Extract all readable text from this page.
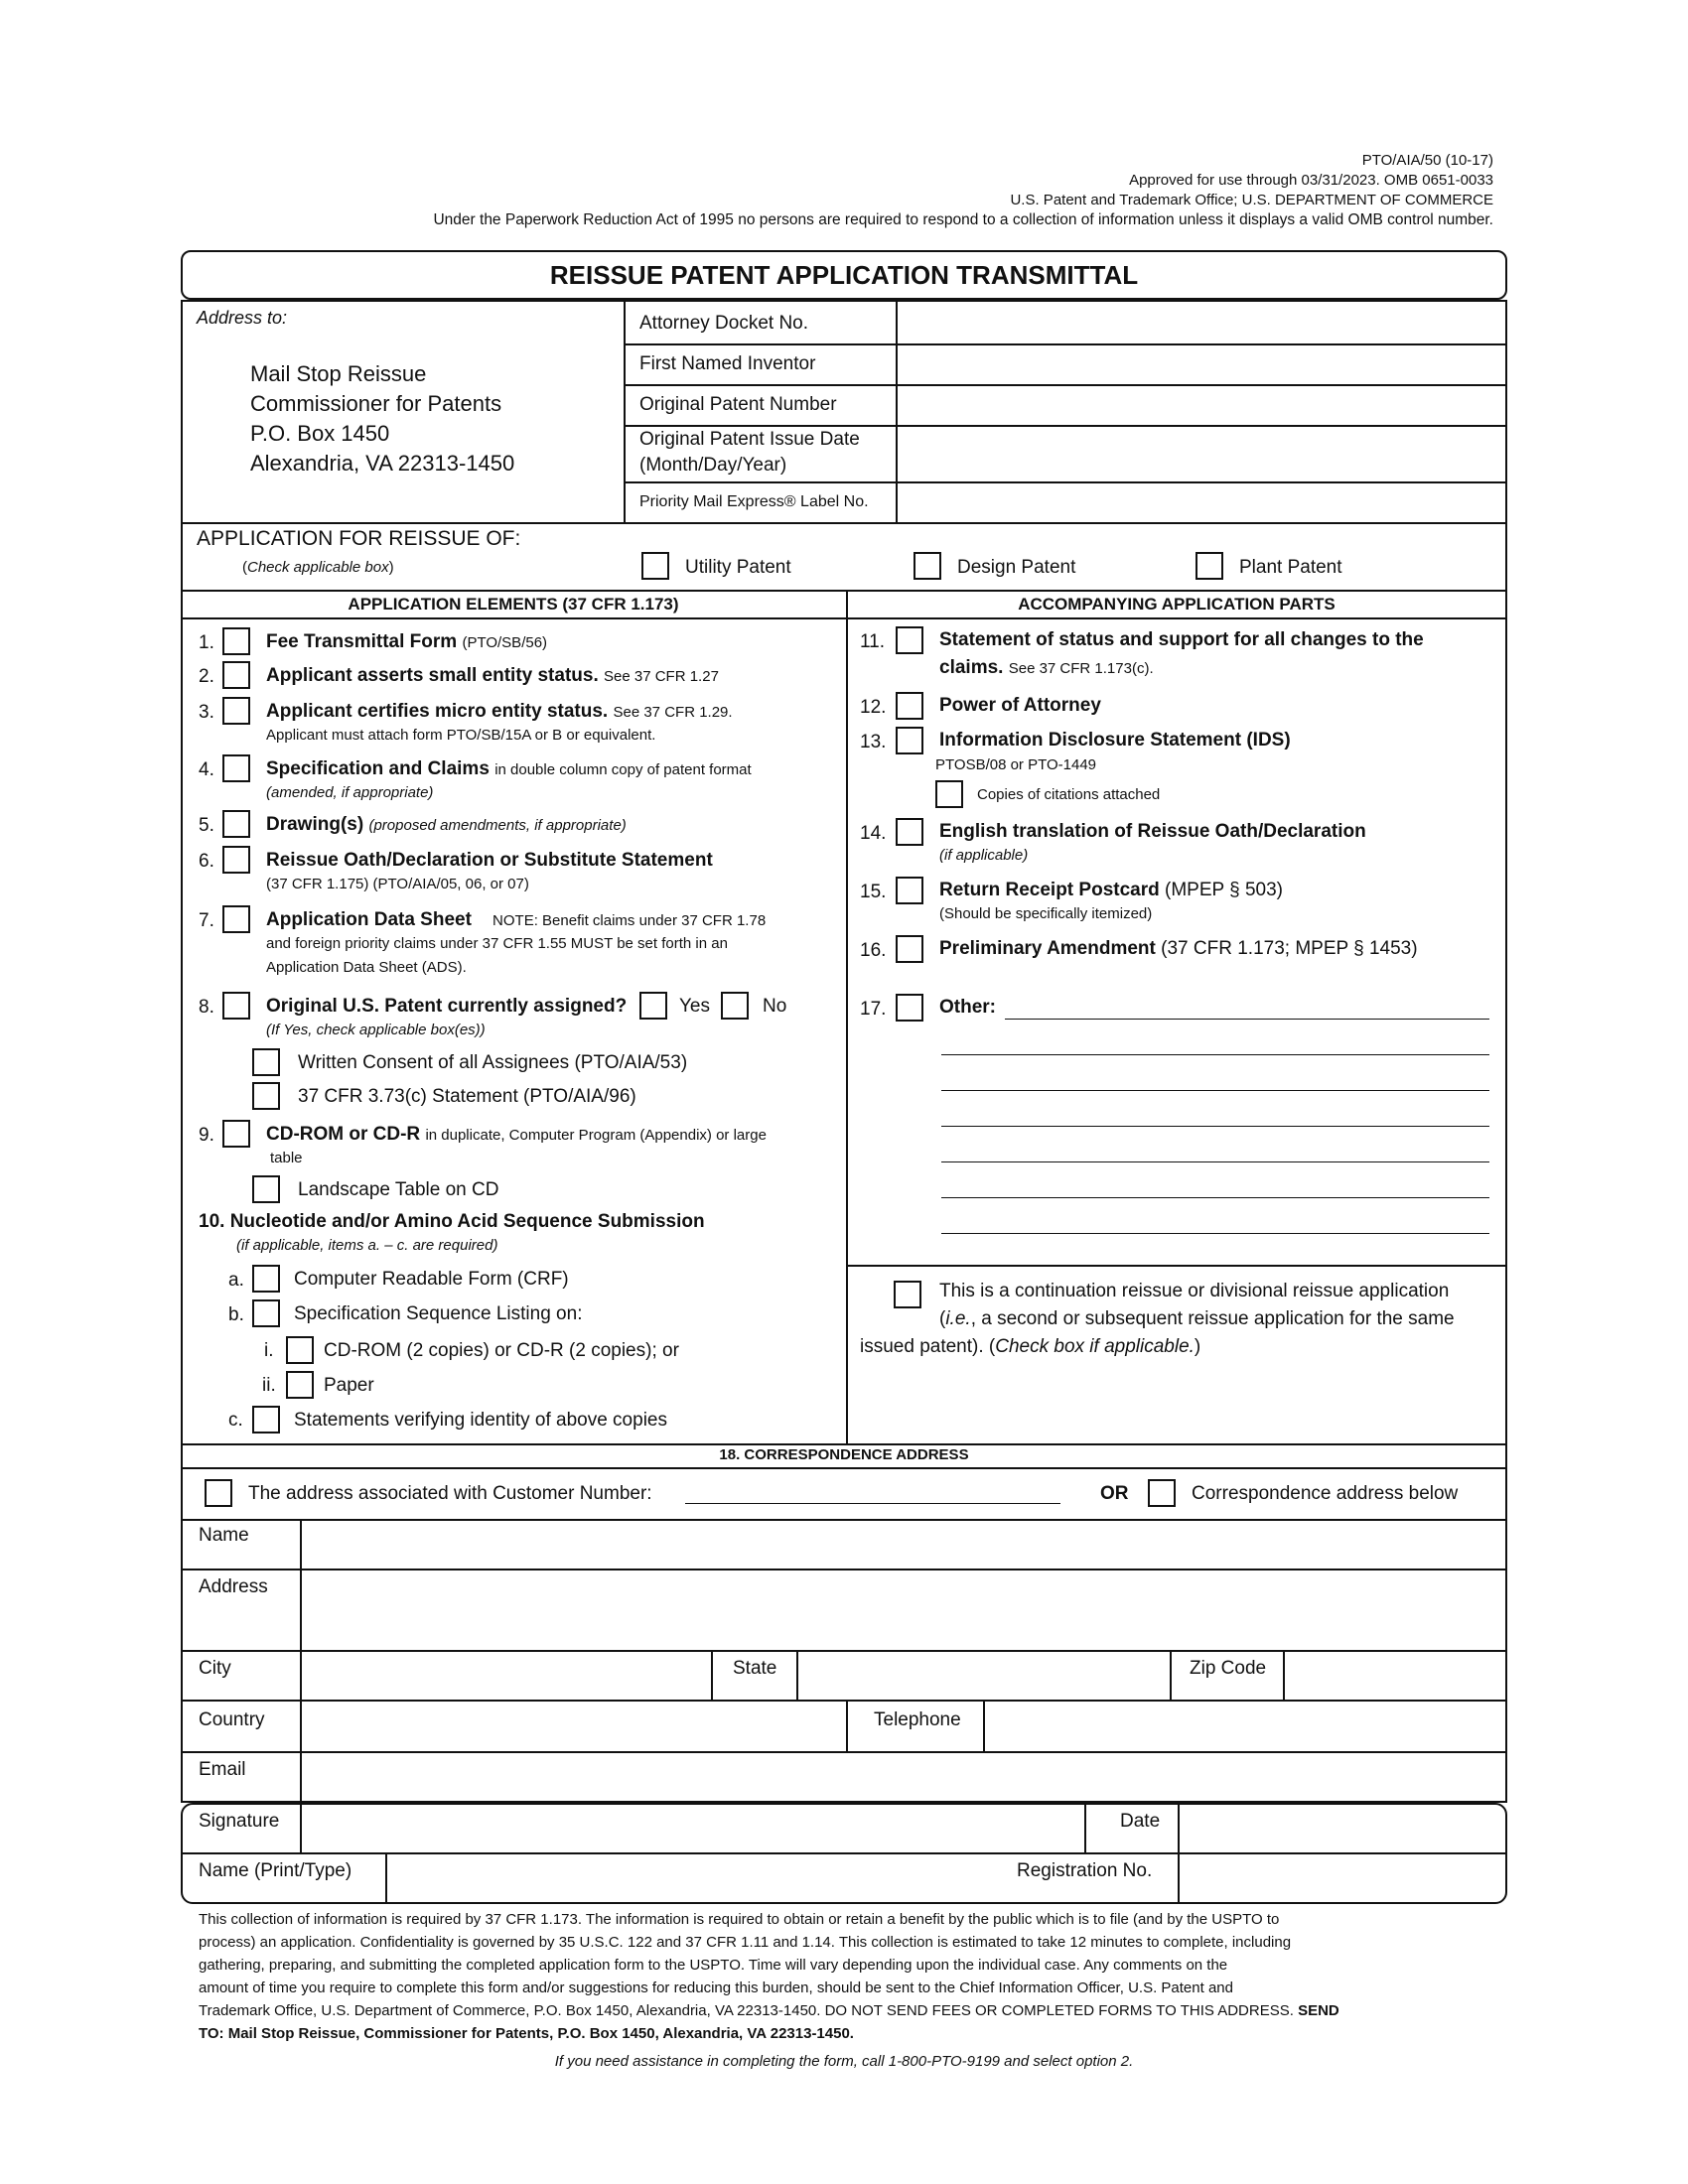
PTO/AIA/50 (10-17)
Approved for use through 03/31/2023. OMB 0651-0033
U.S. Patent and Trademark Office; U.S. DEPARTMENT OF COMMERCE
Under the Paperwork Reduction Act of 1995 no persons are required to respond to a collection of information unless it displays a valid OMB control number.
REISSUE PATENT APPLICATION TRANSMITTAL
Address to:
Mail Stop Reissue
Commissioner for Patents
P.O. Box 1450
Alexandria, VA 22313-1450
Attorney Docket No.
First Named Inventor
Original Patent Number
Original Patent Issue Date
(Month/Day/Year)
Priority Mail Express® Label No.
APPLICATION FOR REISSUE OF:
(Check applicable box)	Utility Patent	Design Patent	Plant Patent
APPLICATION ELEMENTS (37 CFR 1.173)	ACCOMPANYING APPLICATION PARTS
1.	Fee Transmittal Form (PTO/SB/56)
2.	Applicant asserts small entity status. See 37 CFR 1.27
3.	Applicant certifies micro entity status. See 37 CFR 1.29.
Applicant must attach form PTO/SB/15A or B or equivalent.
4.	Specification and Claims in double column copy of patent format
(amended, if appropriate)
5.	Drawing(s) (proposed amendments, if appropriate)
6.	Reissue Oath/Declaration or Substitute Statement
(37 CFR 1.175) (PTO/AIA/05, 06, or 07)
7.	Application Data Sheet NOTE: Benefit claims under 37 CFR 1.78
and foreign priority claims under 37 CFR 1.55 MUST be set forth in an
Application Data Sheet (ADS).
8.	Original U.S. Patent currently assigned?	Yes	No
(If Yes, check applicable box(es))
Written Consent of all Assignees (PTO/AIA/53)
37 CFR 3.73(c) Statement (PTO/AIA/96)
9.	CD-ROM or CD-R in duplicate, Computer Program (Appendix) or large
table
Landscape Table on CD
10. Nucleotide and/or Amino Acid Sequence Submission
(if applicable, items a. – c. are required)
a.	Computer Readable Form (CRF)
b.	Specification Sequence Listing on:
i.	CD-ROM (2 copies) or CD-R (2 copies); or
ii.	Paper
c.	Statements verifying identity of above copies
11.	Statement of status and support for all changes to the
claims. See 37 CFR 1.173(c).
12.	Power of Attorney
13.	Information Disclosure Statement (IDS)
PTOSB/08 or PTO-1449
Copies of citations attached
14.	English translation of Reissue Oath/Declaration
(if applicable)
15.	Return Receipt Postcard (MPEP § 503)
(Should be specifically itemized)
16.	Preliminary Amendment (37 CFR 1.173; MPEP § 1453)
17.	Other:
This is a continuation reissue or divisional reissue application
(i.e., a second or subsequent reissue application for the same
issued patent). (Check box if applicable.)
18. CORRESPONDENCE ADDRESS
The address associated with Customer Number:	OR	Correspondence address below
Name
Address
City	State	Zip Code
Country	Telephone
Email
Signature	Date
Name (Print/Type)	Registration No.
This collection of information is required by 37 CFR 1.173. The information is required to obtain or retain a benefit by the public which is to file (and by the USPTO to
process) an application. Confidentiality is governed by 35 U.S.C. 122 and 37 CFR 1.11 and 1.14. This collection is estimated to take 12 minutes to complete, including
gathering, preparing, and submitting the completed application form to the USPTO. Time will vary depending upon the individual case. Any comments on the
amount of time you require to complete this form and/or suggestions for reducing this burden, should be sent to the Chief Information Officer, U.S. Patent and
Trademark Office, U.S. Department of Commerce, P.O. Box 1450, Alexandria, VA 22313-1450. DO NOT SEND FEES OR COMPLETED FORMS TO THIS ADDRESS. SEND
TO: Mail Stop Reissue, Commissioner for Patents, P.O. Box 1450, Alexandria, VA 22313-1450.
If you need assistance in completing the form, call 1-800-PTO-9199 and select option 2.
